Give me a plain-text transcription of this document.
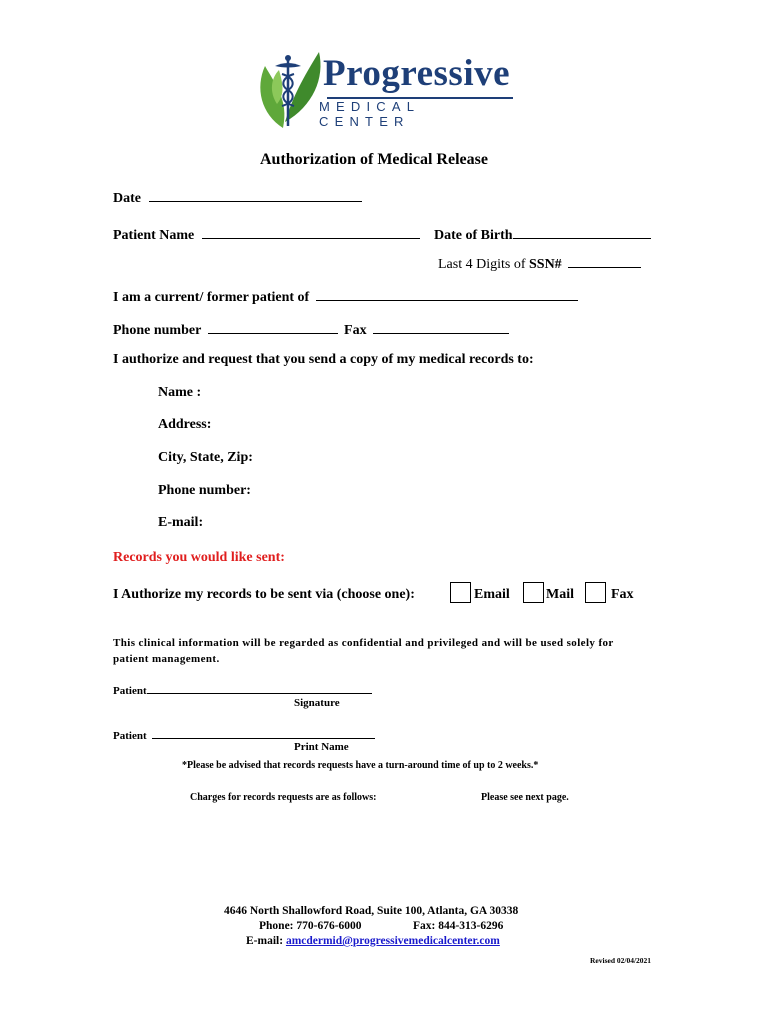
Progressive
MEDICAL CENTER
Authorization of Medical Release
Date
Patient Name	Date of Birth
Last 4 Digits of SSN#
I am a current/ former patient of
Phone number	Fax
I authorize and request that you send a copy of my medical records to:
Name :
Address:
City, State, Zip:
Phone number:
E-mail:
Records you would like sent:
I Authorize my records to be sent via (choose one):	Email	Mail	Fax
This clinical information will be regarded as confidential and privileged and will be used solely for
patient management.
Patient
Signature
Patient
Print Name
*Please be advised that records requests have a turn-around time of up to 2 weeks.*
Charges for records requests are as follows:	Please see next page.
4646 North Shallowford Road, Suite 100, Atlanta, GA 30338
Phone: 770-676-6000	Fax: 844-313-6296
E-mail: amcdermid@progressivemedicalcenter.com
Revised 02/04/2021
